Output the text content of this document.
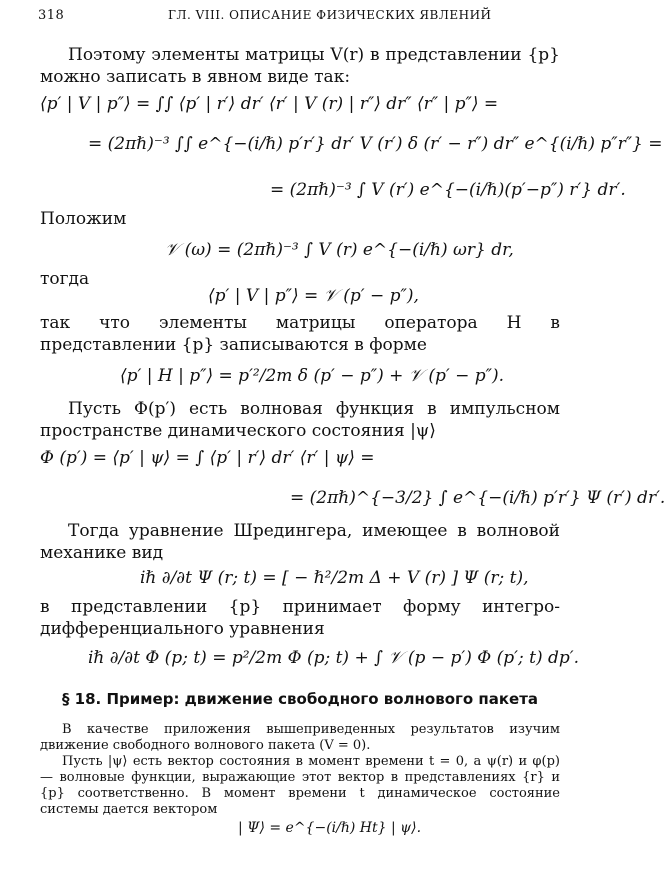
318	ГЛ. VIII. ОПИСАНИЕ ФИЗИЧЕСКИХ ЯВЛЕНИЙ
Поэтому элементы матрицы V(r) в представлении {p} можно записать в явном виде так:
⟨p′ | V | p″⟩ = ∫∫ ⟨p′ | r′⟩ dr′ ⟨r′ | V (r) | r″⟩ dr″ ⟨r″ | p″⟩ =
= (2πℏ)⁻³ ∫∫ e^{−(i/ℏ) p′r′} dr′ V (r′) δ (r′ − r″) dr″ e^{(i/ℏ) p″r″} =
= (2πℏ)⁻³ ∫ V (r′) e^{−(i/ℏ)(p′−p″) r′} dr′.
Положим
𝒱 (ω) = (2πℏ)⁻³ ∫ V (r) e^{−(i/ℏ) ωr} dr,
тогда
⟨p′ | V | p″⟩ = 𝒱 (p′ − p″),
так что элементы матрицы оператора H в представлении {p} записываются в форме
⟨p′ | H | p″⟩ = p′²/2m δ (p′ − p″) + 𝒱 (p′ − p″).
Пусть Φ(p′) есть волновая функция в импульсном пространстве динамического состояния |ψ⟩
Φ (p′) = ⟨p′ | ψ⟩ = ∫ ⟨p′ | r′⟩ dr′ ⟨r′ | ψ⟩ =
= (2πℏ)^{−3/2} ∫ e^{−(i/ℏ) p′r′} Ψ (r′) dr′.
Тогда уравнение Шредингера, имеющее в волновой механике вид
iℏ ∂/∂t Ψ (r; t) = [ − ℏ²/2m Δ + V (r) ] Ψ (r; t),
в представлении {p} принимает форму интегро-дифференциального уравнения
iℏ ∂/∂t Φ (p; t) = p²/2m Φ (p; t) + ∫ 𝒱 (p − p′) Φ (p′; t) dp′.
§ 18. Пример: движение свободного волнового пакета
В качестве приложения вышеприведенных результатов изучим движение свободного волнового пакета (V = 0).
Пусть |ψ⟩ есть вектор состояния в момент времени t = 0, а ψ(r) и φ(p) — волновые функции, выражающие этот вектор в представлениях {r} и {p} соответственно. В момент времени t динамическое состояние системы дается вектором
| Ψ⟩ = e^{−(i/ℏ) Ht} | ψ⟩.
